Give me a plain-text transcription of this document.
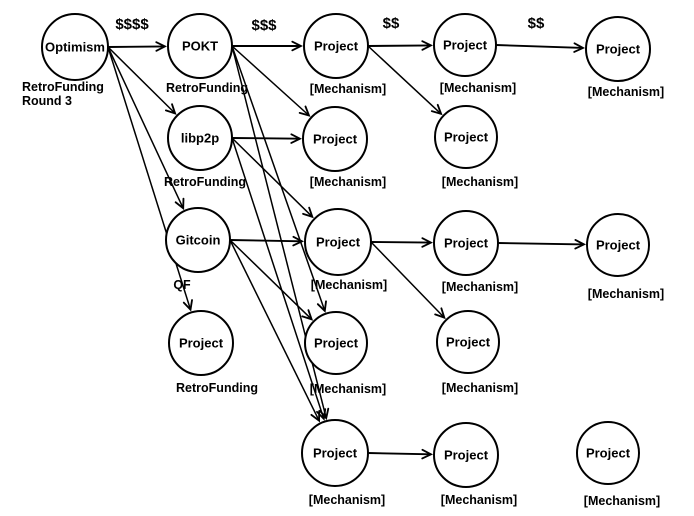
$$$$	$$$	$$	$$
Optimism
RetroFunding
Round 3
POKT
RetroFunding
libp2p
RetroFunding
Gitcoin
QF
Project
RetroFunding
Project
[Mechanism]
Project
[Mechanism]
Project
[Mechanism]
Project
[Mechanism]
Project
[Mechanism]
Project
[Mechanism]
Project
[Mechanism]
Project
[Mechanism]
Project
[Mechanism]
Project
[Mechanism]
Project
[Mechanism]
Project
[Mechanism]
Project
[Mechanism]
